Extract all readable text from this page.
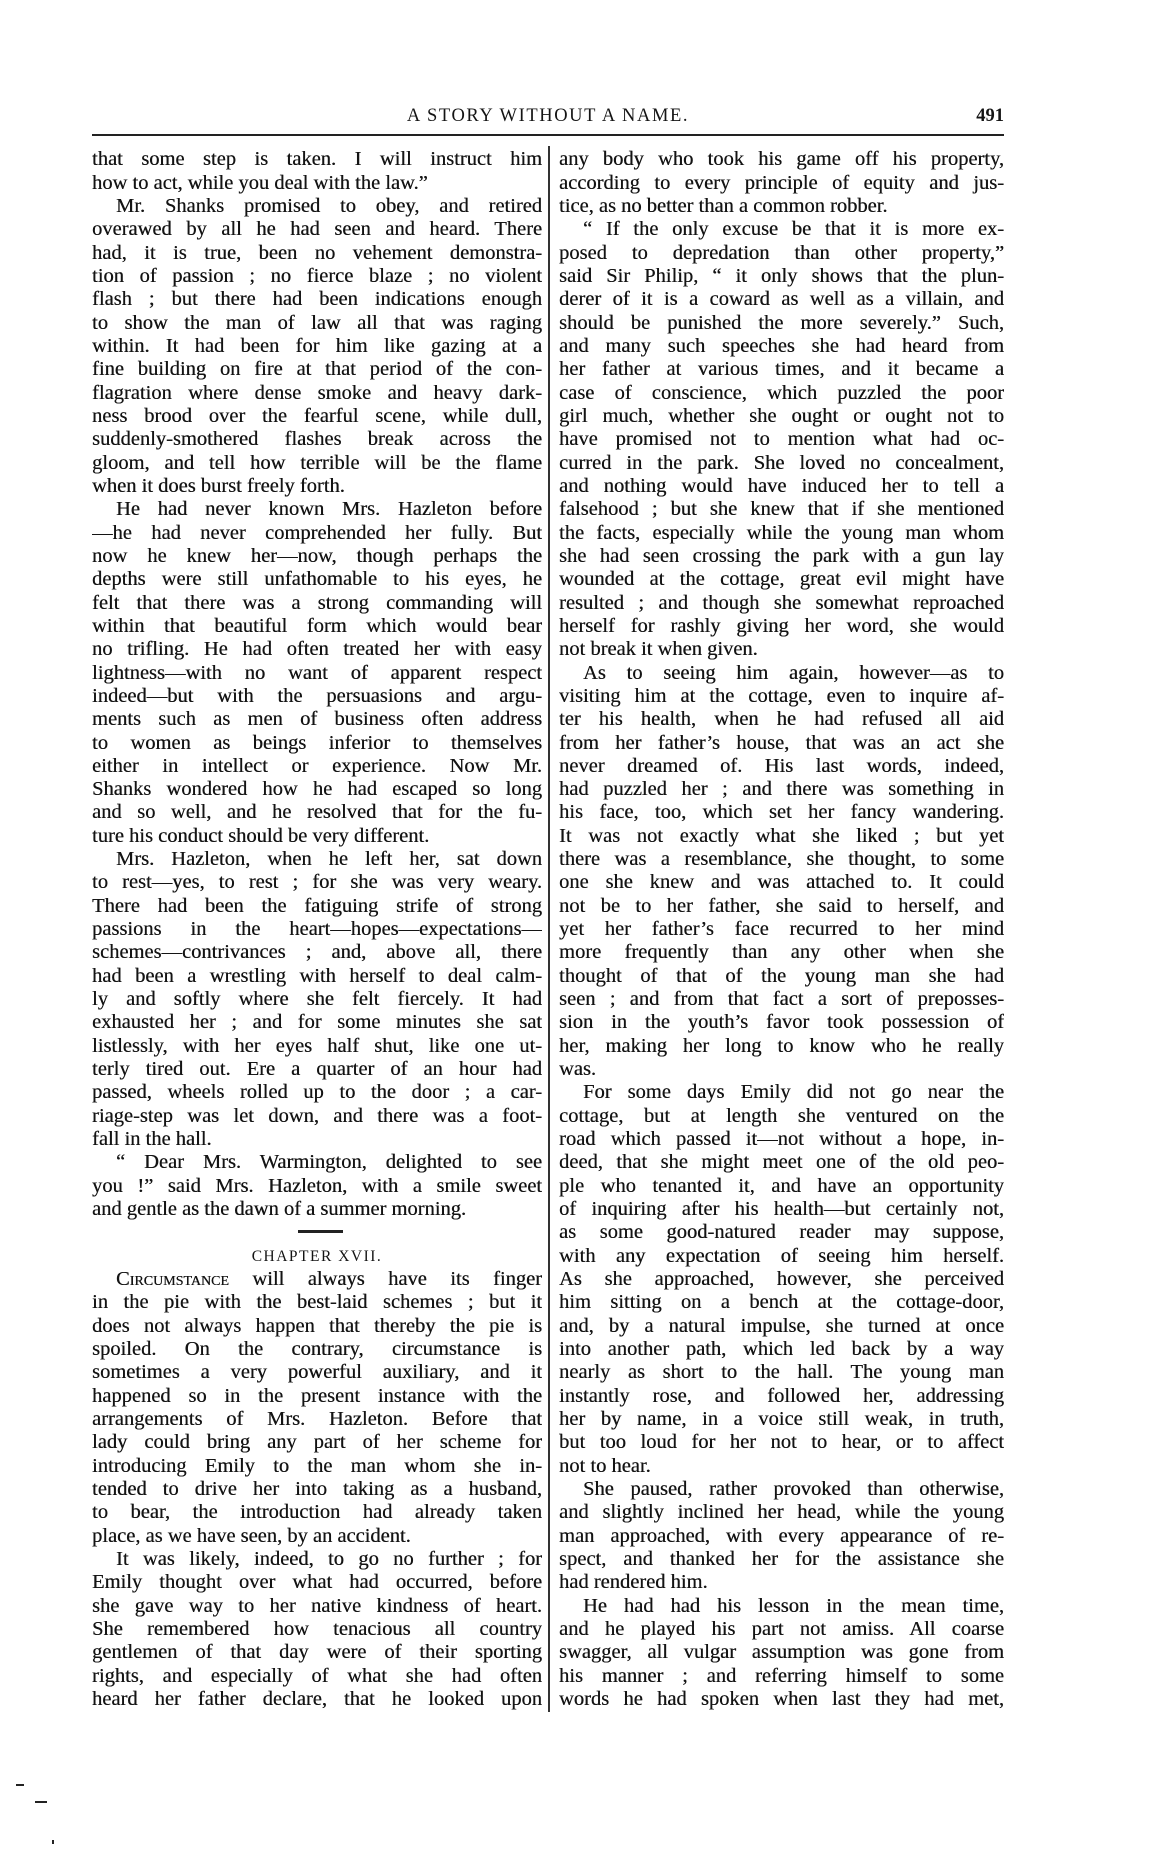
A STORY WITHOUT A NAME.	491
that some step is taken. I will instruct him
how to act, while you deal with the law.”
Mr. Shanks promised to obey, and retired
overawed by all he had seen and heard. There
had, it is true, been no vehement demonstra-
tion of passion ; no fierce blaze ; no violent
flash ; but there had been indications enough
to show the man of law all that was raging
within. It had been for him like gazing at a
fine building on fire at that period of the con-
flagration where dense smoke and heavy dark-
ness brood over the fearful scene, while dull,
suddenly-smothered flashes break across the
gloom, and tell how terrible will be the flame
when it does burst freely forth.
He had never known Mrs. Hazleton before
—he had never comprehended her fully. But
now he knew her—now, though perhaps the
depths were still unfathomable to his eyes, he
felt that there was a strong commanding will
within that beautiful form which would bear
no trifling. He had often treated her with easy
lightness—with no want of apparent respect
indeed—but with the persuasions and argu-
ments such as men of business often address
to women as beings inferior to themselves
either in intellect or experience. Now Mr.
Shanks wondered how he had escaped so long
and so well, and he resolved that for the fu-
ture his conduct should be very different.
Mrs. Hazleton, when he left her, sat down
to rest—yes, to rest ; for she was very weary.
There had been the fatiguing strife of strong
passions in the heart—hopes—expectations—
schemes—contrivances ; and, above all, there
had been a wrestling with herself to deal calm-
ly and softly where she felt fiercely. It had
exhausted her ; and for some minutes she sat
listlessly, with her eyes half shut, like one ut-
terly tired out. Ere a quarter of an hour had
passed, wheels rolled up to the door ; a car-
riage-step was let down, and there was a foot-
fall in the hall.
“ Dear Mrs. Warmington, delighted to see
you !” said Mrs. Hazleton, with a smile sweet
and gentle as the dawn of a summer morning.
CHAPTER XVII.
Circumstance will always have its finger
in the pie with the best-laid schemes ; but it
does not always happen that thereby the pie is
spoiled. On the contrary, circumstance is
sometimes a very powerful auxiliary, and it
happened so in the present instance with the
arrangements of Mrs. Hazleton. Before that
lady could bring any part of her scheme for
introducing Emily to the man whom she in-
tended to drive her into taking as a husband,
to bear, the introduction had already taken
place, as we have seen, by an accident.
It was likely, indeed, to go no further ; for
Emily thought over what had occurred, before
she gave way to her native kindness of heart.
She remembered how tenacious all country
gentlemen of that day were of their sporting
rights, and especially of what she had often
heard her father declare, that he looked upon
any body who took his game off his property,
according to every principle of equity and jus-
tice, as no better than a common robber.
“ If the only excuse be that it is more ex-
posed to depredation than other property,”
said Sir Philip, “ it only shows that the plun-
derer of it is a coward as well as a villain, and
should be punished the more severely.” Such,
and many such speeches she had heard from
her father at various times, and it became a
case of conscience, which puzzled the poor
girl much, whether she ought or ought not to
have promised not to mention what had oc-
curred in the park. She loved no concealment,
and nothing would have induced her to tell a
falsehood ; but she knew that if she mentioned
the facts, especially while the young man whom
she had seen crossing the park with a gun lay
wounded at the cottage, great evil might have
resulted ; and though she somewhat reproached
herself for rashly giving her word, she would
not break it when given.
As to seeing him again, however—as to
visiting him at the cottage, even to inquire af-
ter his health, when he had refused all aid
from her father’s house, that was an act she
never dreamed of. His last words, indeed,
had puzzled her ; and there was something in
his face, too, which set her fancy wandering.
It was not exactly what she liked ; but yet
there was a resemblance, she thought, to some
one she knew and was attached to. It could
not be to her father, she said to herself, and
yet her father’s face recurred to her mind
more frequently than any other when she
thought of that of the young man she had
seen ; and from that fact a sort of preposses-
sion in the youth’s favor took possession of
her, making her long to know who he really
was.
For some days Emily did not go near the
cottage, but at length she ventured on the
road which passed it—not without a hope, in-
deed, that she might meet one of the old peo-
ple who tenanted it, and have an opportunity
of inquiring after his health—but certainly not,
as some good-natured reader may suppose,
with any expectation of seeing him herself.
As she approached, however, she perceived
him sitting on a bench at the cottage-door,
and, by a natural impulse, she turned at once
into another path, which led back by a way
nearly as short to the hall. The young man
instantly rose, and followed her, addressing
her by name, in a voice still weak, in truth,
but too loud for her not to hear, or to affect
not to hear.
She paused, rather provoked than otherwise,
and slightly inclined her head, while the young
man approached, with every appearance of re-
spect, and thanked her for the assistance she
had rendered him.
He had had his lesson in the mean time,
and he played his part not amiss. All coarse
swagger, all vulgar assumption was gone from
his manner ; and referring himself to some
words he had spoken when last they had met,
